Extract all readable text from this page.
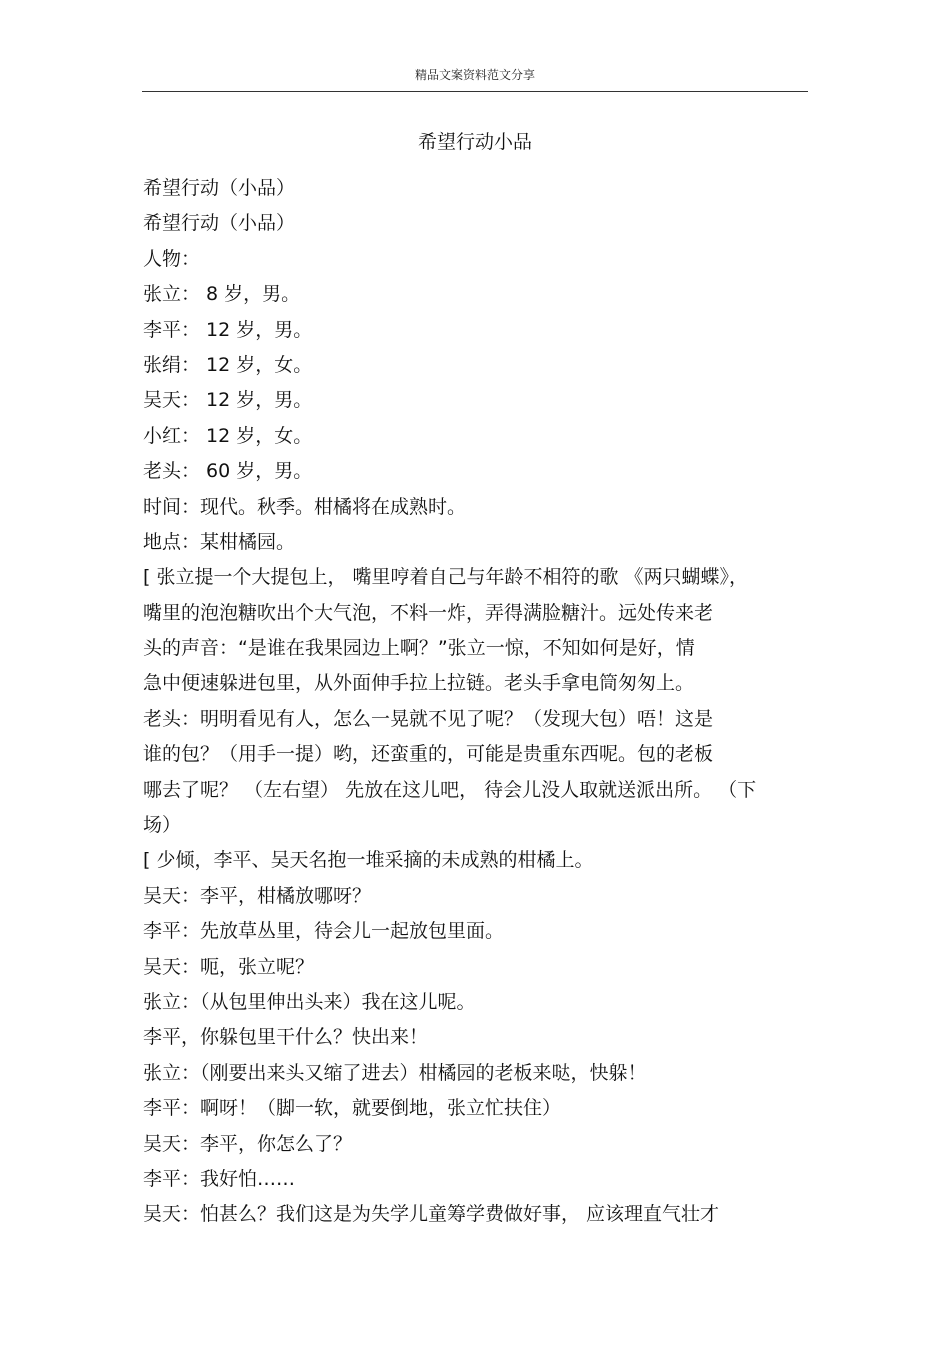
精品文案资料范文分享
希望行动小品
希望行动（小品）
希望行动（小品）
人物：
张立： 8 岁，男。
李平： 12 岁，男。
张绢： 12 岁，女。
吴天： 12 岁，男。
小红： 12 岁，女。
老头： 60 岁，男。
时间：现代。秋季。柑橘将在成熟时。
地点：某柑橘园。
[ 张立提一个大提包上， 嘴里哼着自己与年龄不相符的歌 《两只蝴蝶》，
嘴里的泡泡糖吹出个大气泡，不料一炸，弄得满脸糖汁。远处传来老
头的声音：“是谁在我果园边上啊？”张立一惊，不知如何是好，情
急中便速躲进包里，从外面伸手拉上拉链。老头手拿电筒匆匆上。
老头：明明看见有人，怎么一晃就不见了呢？（发现大包）唔！这是
谁的包？（用手一提）哟，还蛮重的，可能是贵重东西呢。包的老板
哪去了呢？ （左右望） 先放在这儿吧， 待会儿没人取就送派出所。 （下
场）
[ 少倾，李平、吴天名抱一堆采摘的未成熟的柑橘上。
吴天：李平，柑橘放哪呀？
李平：先放草丛里，待会儿一起放包里面。
吴天：呃，张立呢？
张立：（从包里伸出头来）我在这儿呢。
李平，你躲包里干什么？快出来！
张立：（刚要出来头又缩了进去）柑橘园的老板来哒，快躲！
李平：啊呀！（脚一软，就要倒地，张立忙扶住）
吴天：李平，你怎么了？
李平：我好怕……
吴天：怕甚么？我们这是为失学儿童筹学费做好事， 应该理直气壮才
